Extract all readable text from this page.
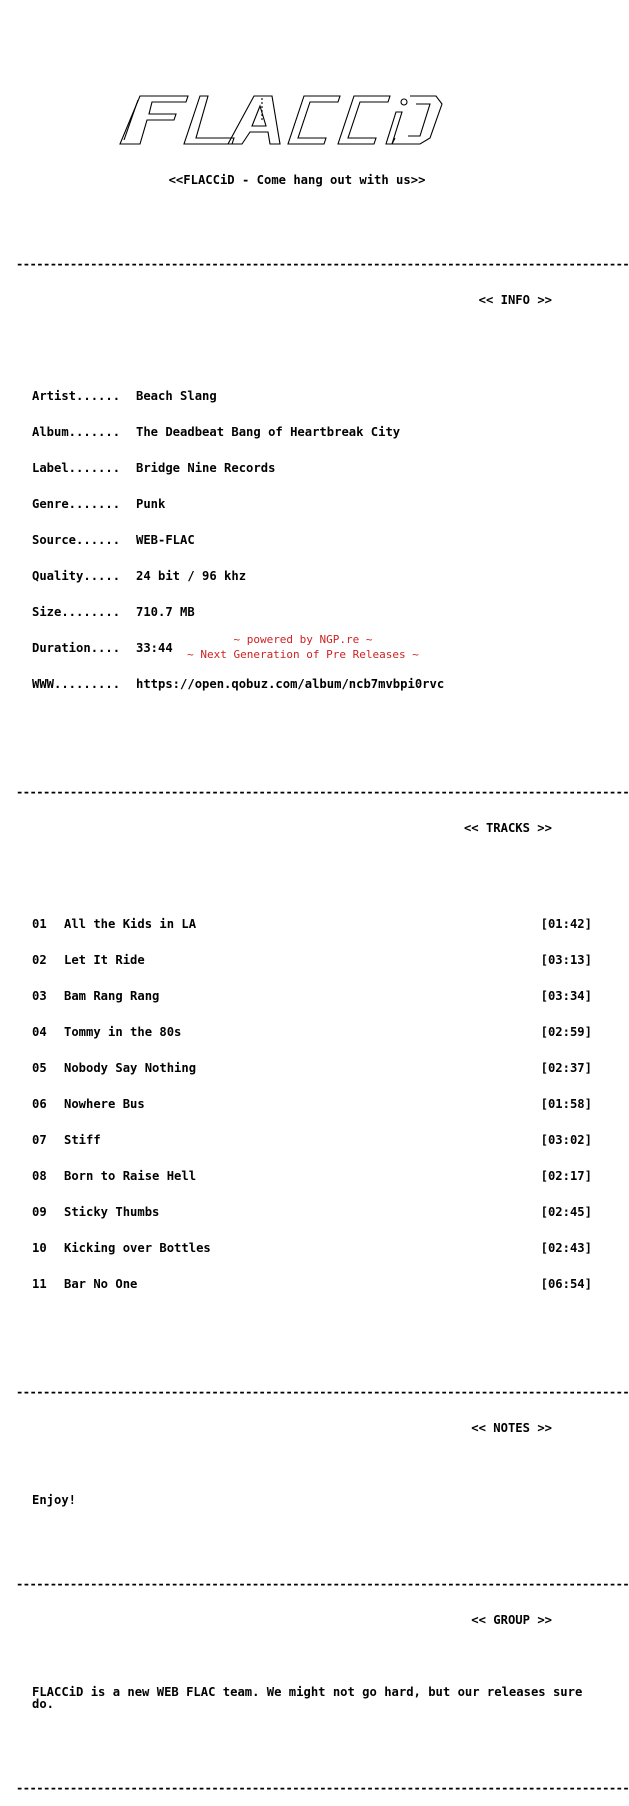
<<FLACCiD - Come hang out with us>>

-------------------------------------------------------------------------------------------

<< INFO >>

Artist...... Beach Slang

Album....... The Deadbeat Bang of Heartbreak City

Label....... Bridge Nine Records

Genre....... Punk

Source...... WEB-FLAC

Quality..... 24 bit / 96 khz

Size........ 710.7 MB

Duration.... 33:44

WWW......... https://open.qobuz.com/album/ncb7mvbpi0rvc

-------------------------------------------------------------------------------------------

<< TRACKS >>

01	All the Kids in LA	[01:42]

02	Let It Ride	[03:13]

03	Bam Rang Rang	[03:34]

04	Tommy in the 80s	[02:59]

05	Nobody Say Nothing	[02:37]

06	Nowhere Bus	[01:58]

07	Stiff	[03:02]

08	Born to Raise Hell	[02:17]

09	Sticky Thumbs	[02:45]

10	Kicking over Bottles	[02:43]

11	Bar No One	[06:54]

-------------------------------------------------------------------------------------------

<< NOTES >>

Enjoy!

-------------------------------------------------------------------------------------------

<< GROUP >>

FLACCiD is a new WEB FLAC team. We might not go hard, but our releases sure do.

-------------------------------------------------------------------------------------------

~ powered by NGP.re ~
~ Next Generation of Pre Releases ~
